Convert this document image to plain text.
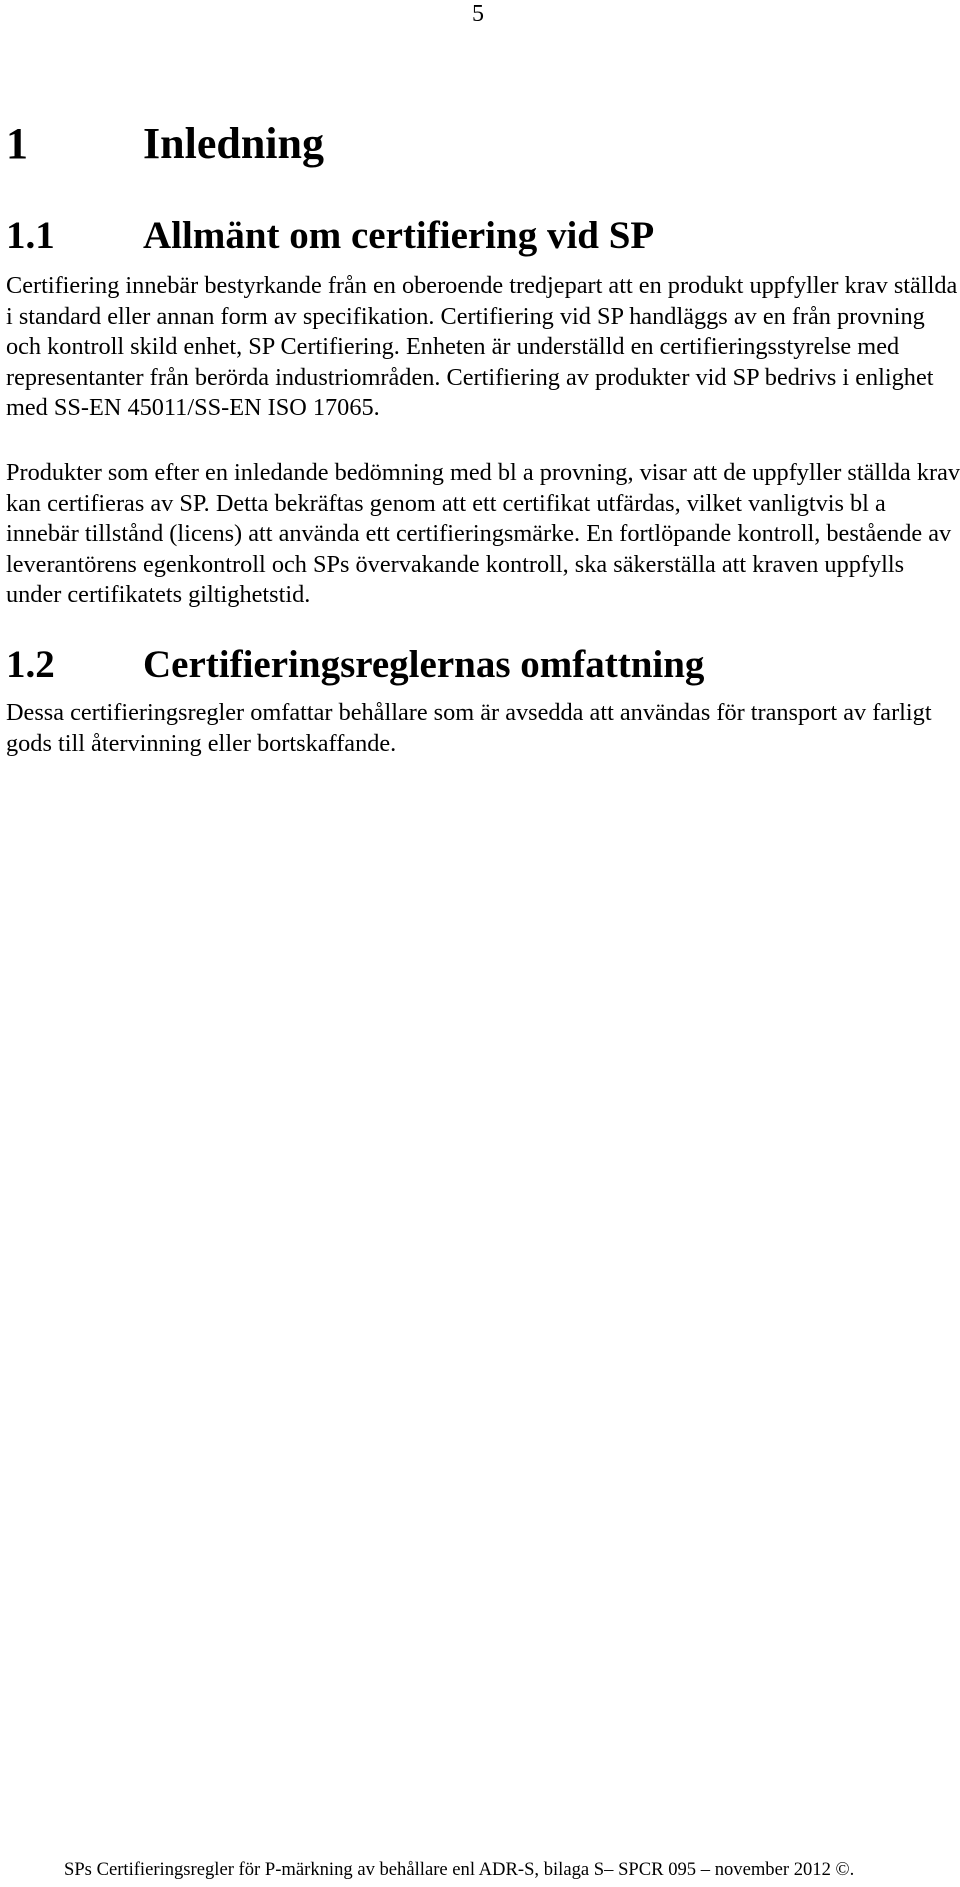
5
1	Inledning
1.1 Allmänt om certifiering vid SP

Certifiering innebär bestyrkande från en oberoende tredjepart att en produkt uppfyller krav ställda i standard eller annan form av specifikation. Certifiering vid SP handläggs av en från provning och kontroll skild enhet, SP Certifiering. Enheten är underställd en certifieringsstyrelse med representanter från berörda industriområden. Certifiering av produkter vid SP bedrivs i enlighet med SS-EN 45011/SS-EN ISO 17065.

Produkter som efter en inledande bedömning med bl a provning, visar att de uppfyller ställda krav kan certifieras av SP. Detta bekräftas genom att ett certifikat utfärdas, vilket vanligtvis bl a innebär tillstånd (licens) att använda ett certifieringsmärke. En fortlöpande kontroll, bestående av leverantörens egenkontroll och SPs övervakande kontroll, ska säkerställa att kraven uppfylls under certifikatets giltighetstid.

1.2 Certifieringsreglernas omfattning

Dessa certifieringsregler omfattar behållare som är avsedda att användas för transport av farligt gods till återvinning eller bortskaffande.

SPs Certifieringsregler för P-märkning av behållare enl ADR-S, bilaga S– SPCR 095 – november 2012 ©.
